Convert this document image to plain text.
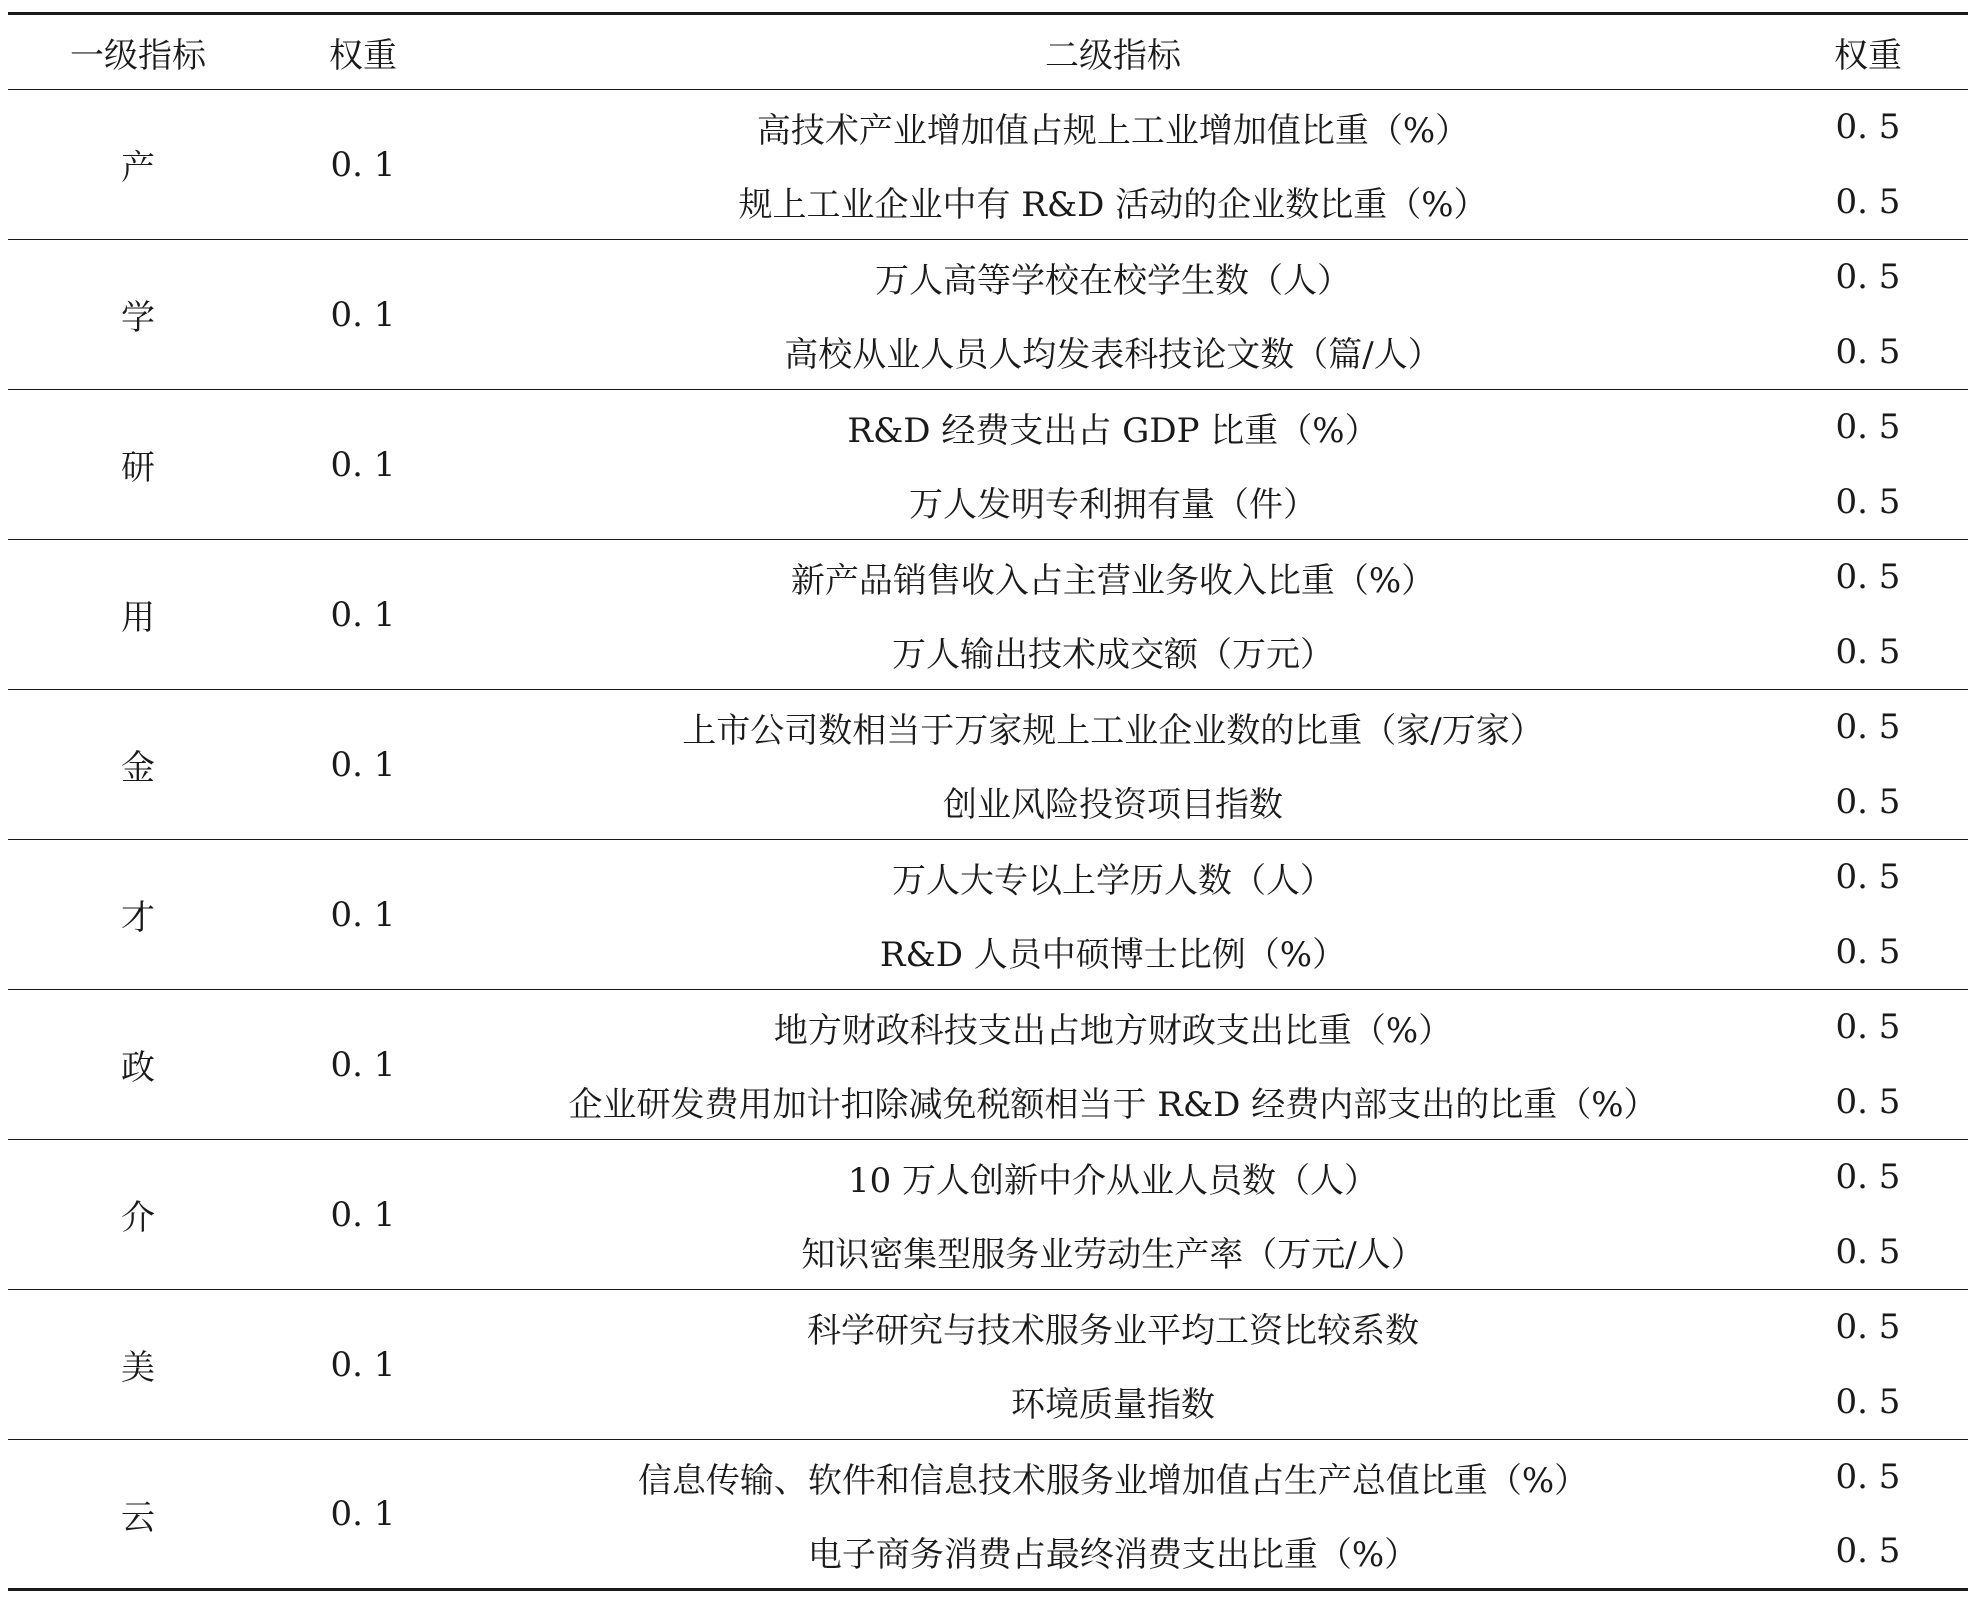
一级指标	权重	二级指标	权重
产	0. 1	高技术产业增加值占规上工业增加值比重（%）	0. 5
		规上工业企业中有 R&D 活动的企业数比重（%）	0. 5
学	0. 1	万人高等学校在校学生数（人）	0. 5
		高校从业人员人均发表科技论文数（篇/人）	0. 5
研	0. 1	R&D 经费支出占 GDP 比重（%）	0. 5
		万人发明专利拥有量（件）	0. 5
用	0. 1	新产品销售收入占主营业务收入比重（%）	0. 5
		万人输出技术成交额（万元）	0. 5
金	0. 1	上市公司数相当于万家规上工业企业数的比重（家/万家）	0. 5
		创业风险投资项目指数	0. 5
才	0. 1	万人大专以上学历人数（人）	0. 5
		R&D 人员中硕博士比例（%）	0. 5
政	0. 1	地方财政科技支出占地方财政支出比重（%）	0. 5
		企业研发费用加计扣除减免税额相当于 R&D 经费内部支出的比重（%）	0. 5
介	0. 1	10 万人创新中介从业人员数（人）	0. 5
		知识密集型服务业劳动生产率（万元/人）	0. 5
美	0. 1	科学研究与技术服务业平均工资比较系数	0. 5
		环境质量指数	0. 5
云	0. 1	信息传输、软件和信息技术服务业增加值占生产总值比重（%）	0. 5
		电子商务消费占最终消费支出比重（%）	0. 5
